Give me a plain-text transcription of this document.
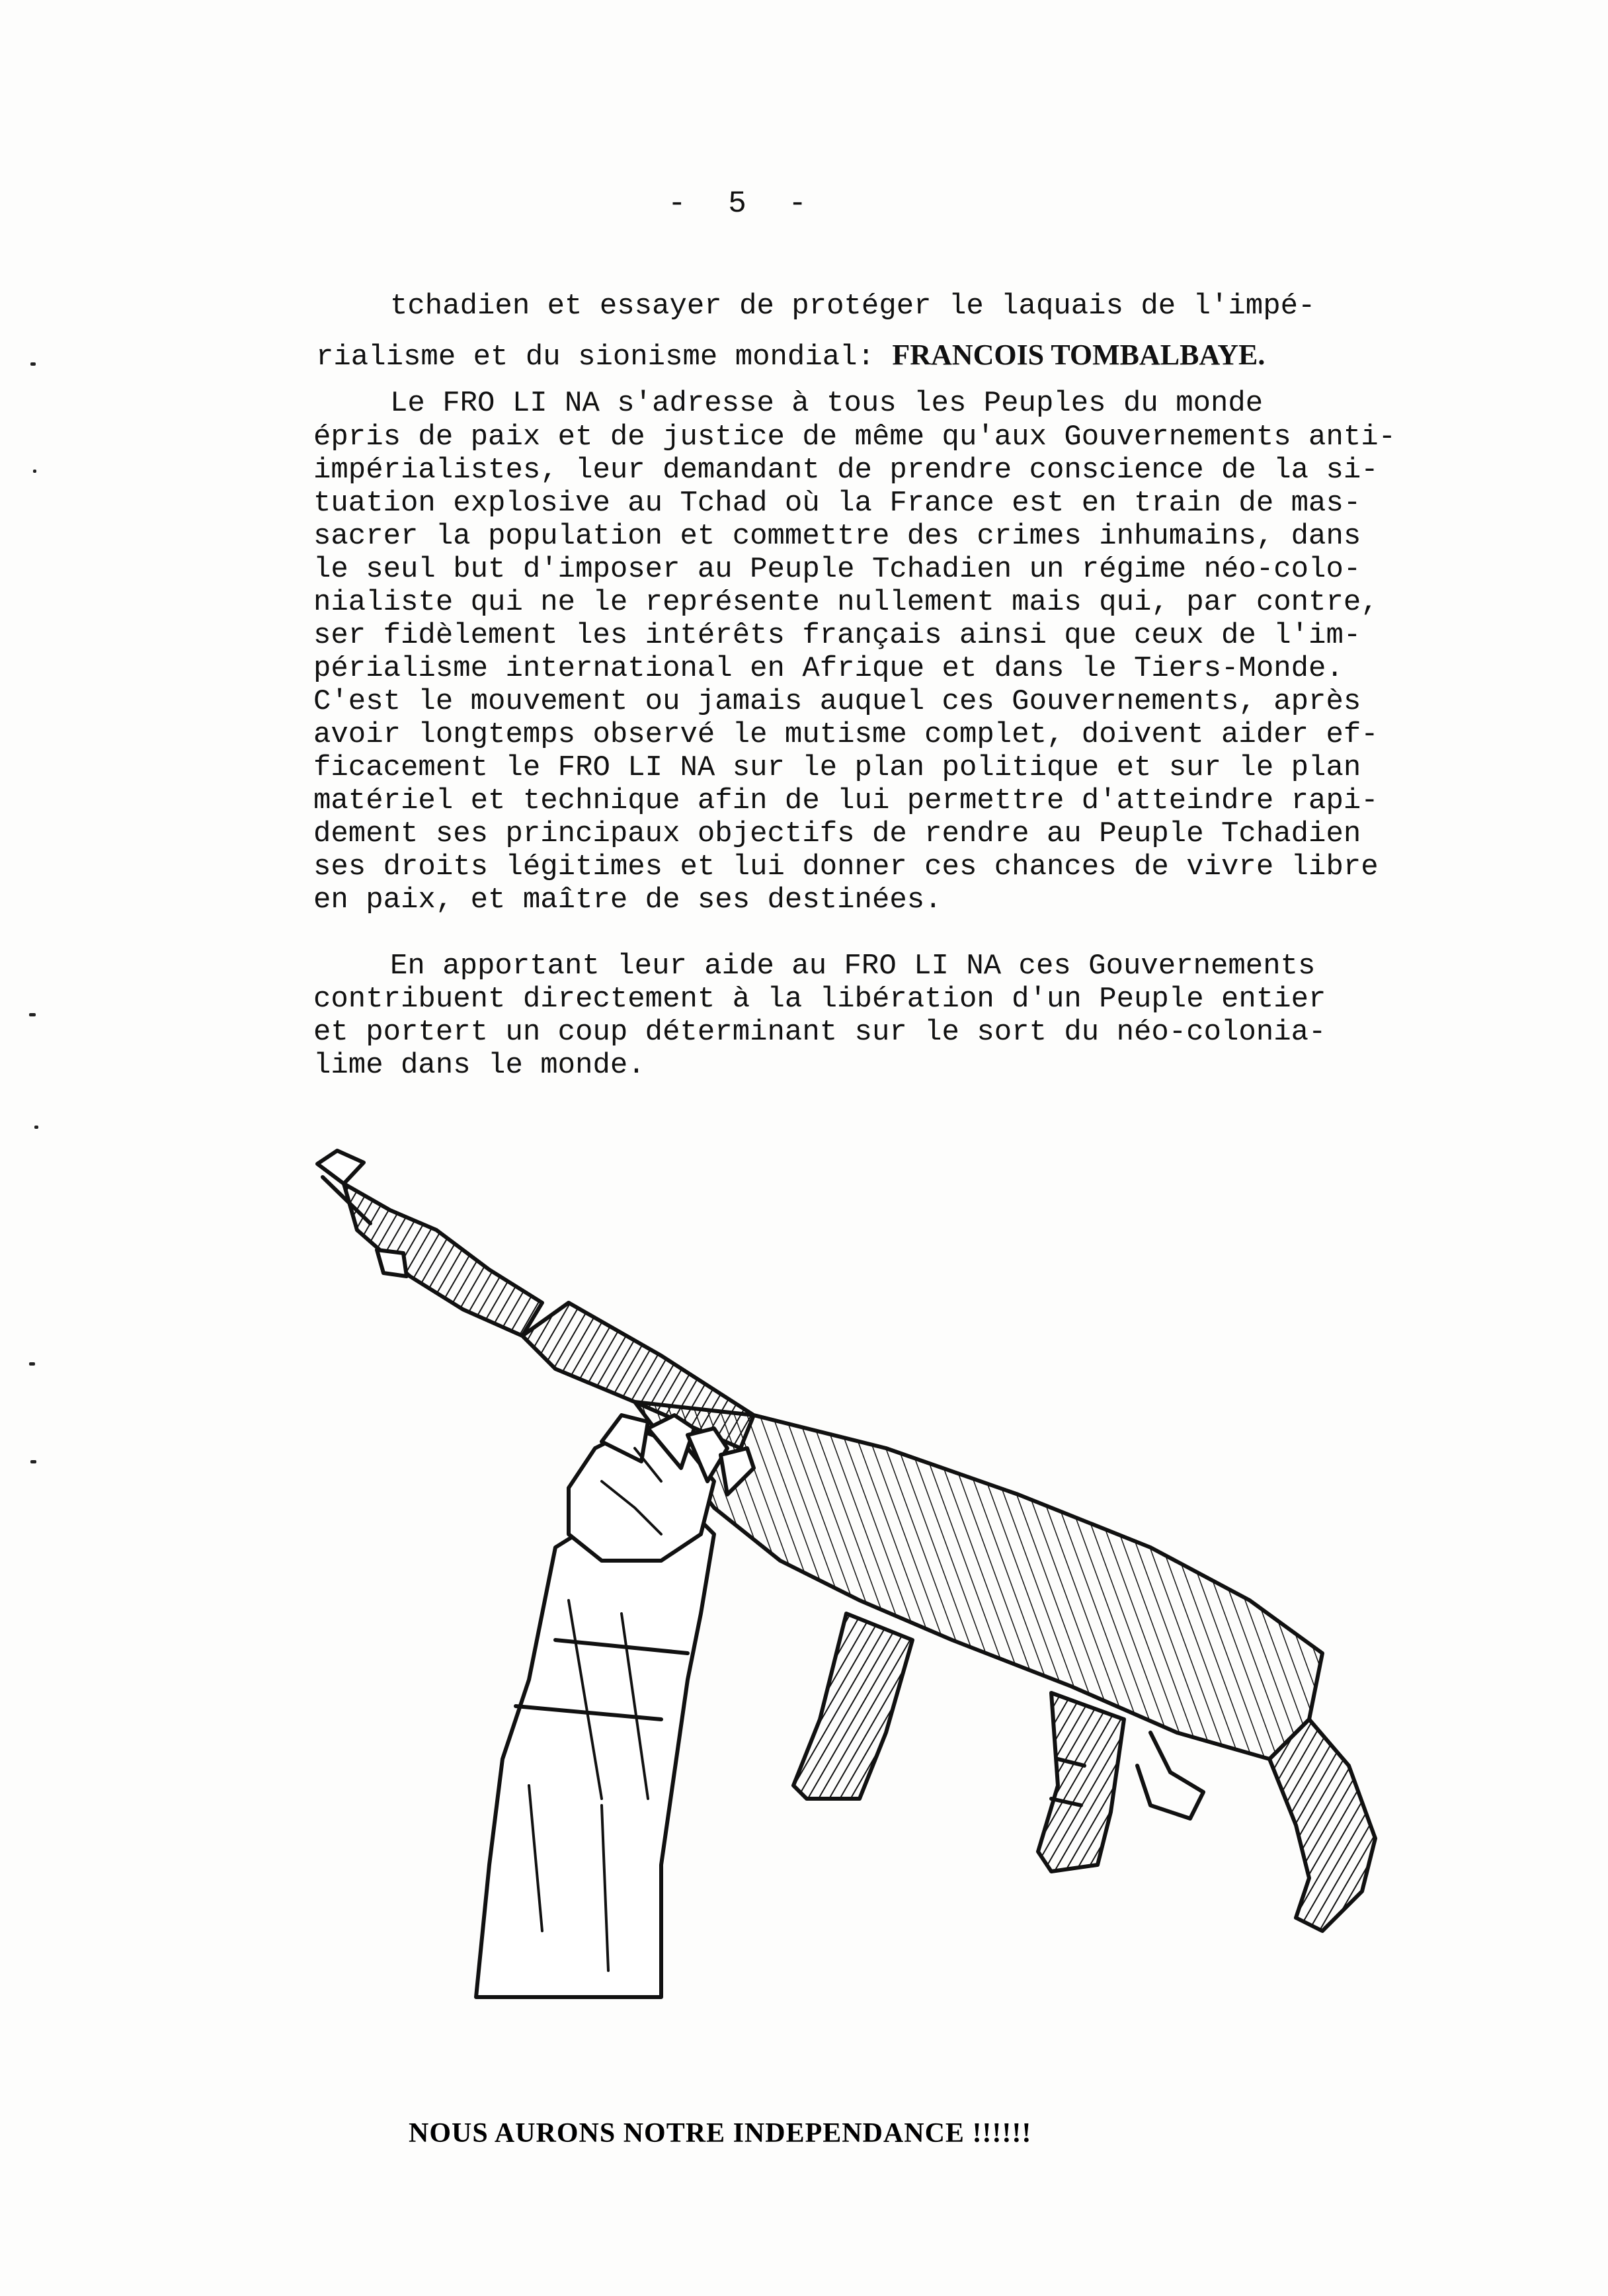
- 5 -
tchadien et essayer de protéger le laquais de l'impé-
rialisme et du sionisme mondial: FRANCOIS TOMBALBAYE.
Le FRO LI NA s'adresse à tous les Peuples du monde
épris de paix et de justice de même qu'aux Gouvernements anti-
impérialistes, leur demandant de prendre conscience de la si-
tuation explosive au Tchad où la France est en train de mas-
sacrer la population et commettre des crimes inhumains, dans
le seul but d'imposer au Peuple Tchadien un régime néo-colo-
nialiste qui ne le représente nullement mais qui, par contre,
ser fidèlement les intérêts français ainsi que ceux de l'im-
périalisme international en Afrique et dans le Tiers-Monde.
C'est le mouvement ou jamais auquel ces Gouvernements, après
avoir longtemps observé le mutisme complet, doivent aider ef-
ficacement le FRO LI NA sur le plan politique et sur le plan
matériel et technique afin de lui permettre d'atteindre rapi-
dement ses principaux objectifs de rendre au Peuple Tchadien
ses droits légitimes et lui donner ces chances de vivre libre
en paix, et maître de ses destinées.
En apportant leur aide au FRO LI NA ces Gouvernements
contribuent directement à la libération d'un Peuple entier
et portert un coup déterminant sur le sort du néo-colonia-
lime dans le monde.
NOUS AURONS NOTRE INDEPENDANCE !!!!!!
